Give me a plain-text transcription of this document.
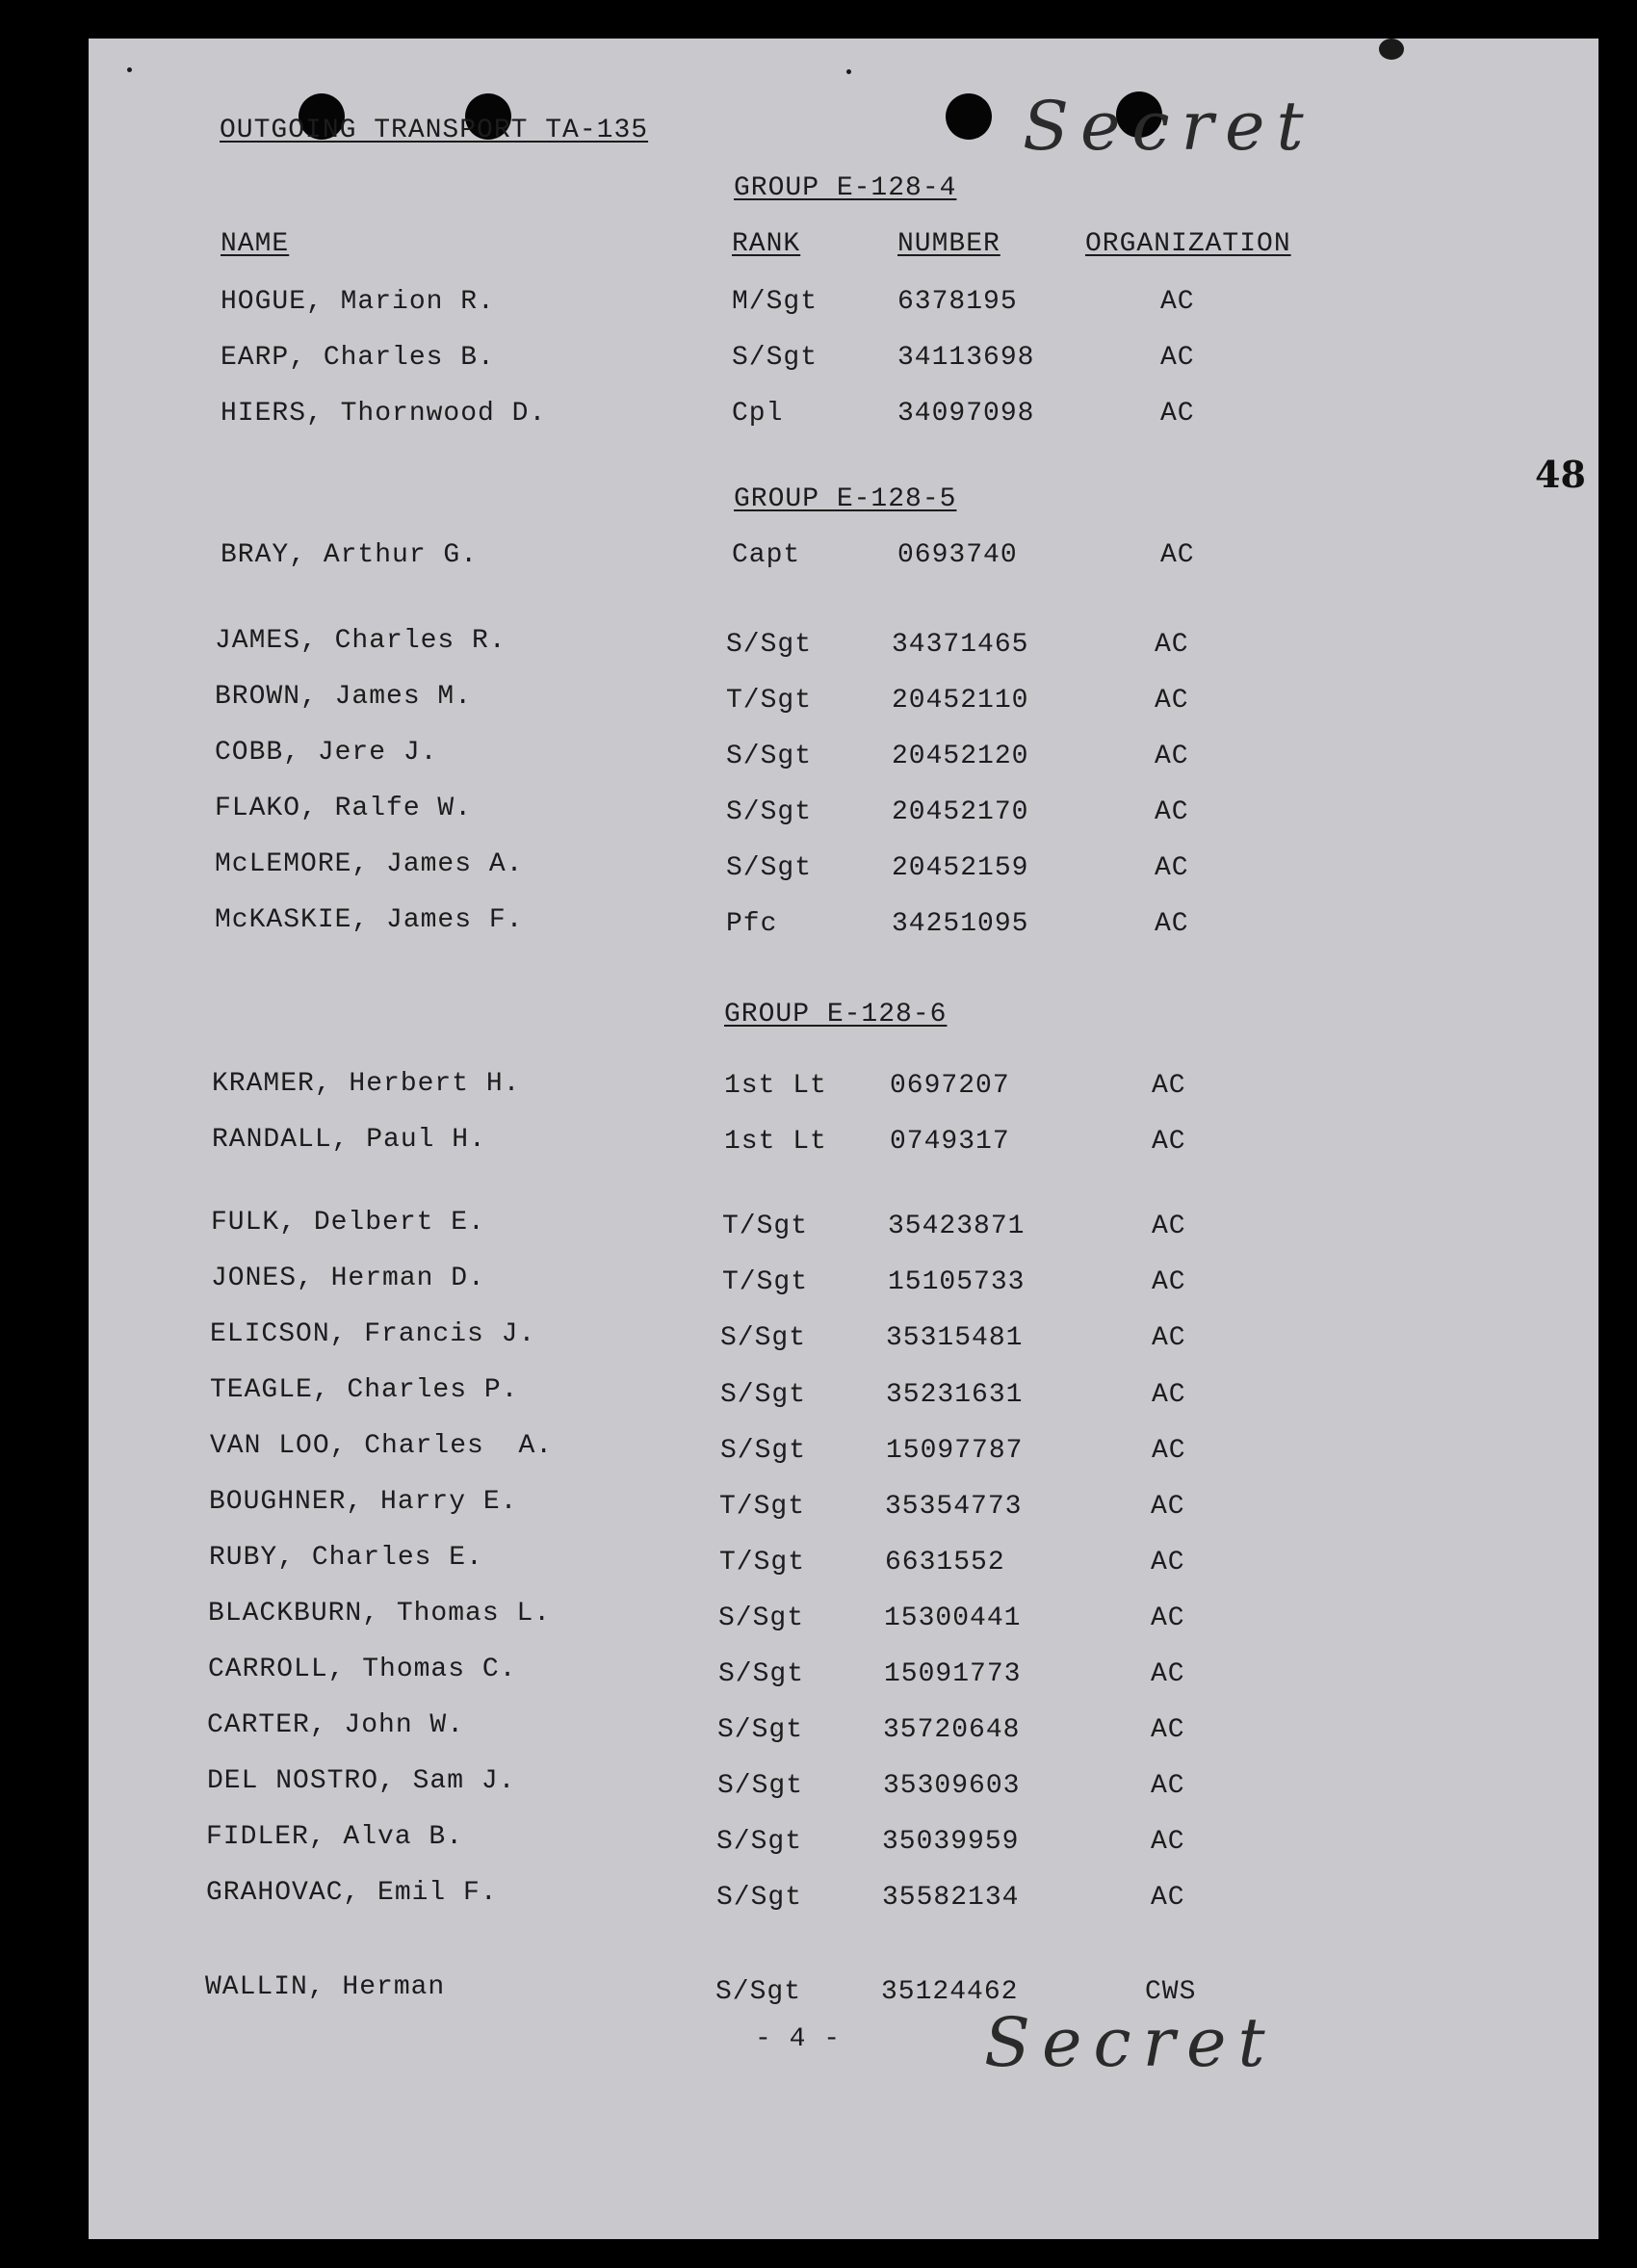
OUTGOING TRANSPORT TA-135	Secret
48
GROUP E-128-4
NAME	RANK	NUMBER	ORGANIZATION
HOGUE, Marion R.	M/Sgt	6378195	AC
EARP, Charles B.	S/Sgt	34113698	AC
HIERS, Thornwood D.	Cpl	34097098	AC
GROUP E-128-5
BRAY, Arthur G.	Capt	0693740	AC
JAMES, Charles R.	S/Sgt	34371465	AC
BROWN, James M.	T/Sgt	20452110	AC
COBB, Jere J.	S/Sgt	20452120	AC
FLAKO, Ralfe W.	S/Sgt	20452170	AC
McLEMORE, James A.	S/Sgt	20452159	AC
McKASKIE, James F.	Pfc	34251095	AC
GROUP E-128-6
KRAMER, Herbert H.	1st Lt 0697207	AC
RANDALL, Paul H.	1st Lt 0749317	AC
FULK, Delbert E.	T/Sgt	35423871	AC
JONES, Herman D.	T/Sgt	15105733	AC
ELICSON, Francis J.	S/Sgt	35315481	AC
TEAGLE, Charles P.	S/Sgt	35231631	AC
VAN LOO, Charles  A.	S/Sgt	15097787	AC
BOUGHNER, Harry E.	T/Sgt	35354773	AC
RUBY, Charles E.	T/Sgt	6631552	AC
BLACKBURN, Thomas L.	S/Sgt	15300441	AC
CARROLL, Thomas C.	S/Sgt	15091773	AC
CARTER, John W.	S/Sgt	35720648	AC
DEL NOSTRO, Sam J.	S/Sgt	35309603	AC
FIDLER, Alva B.	S/Sgt	35039959	AC
GRAHOVAC, Emil F.	S/Sgt	35582134	AC
WALLIN, Herman	S/Sgt	35124462	CWS
- 4 - Secret
